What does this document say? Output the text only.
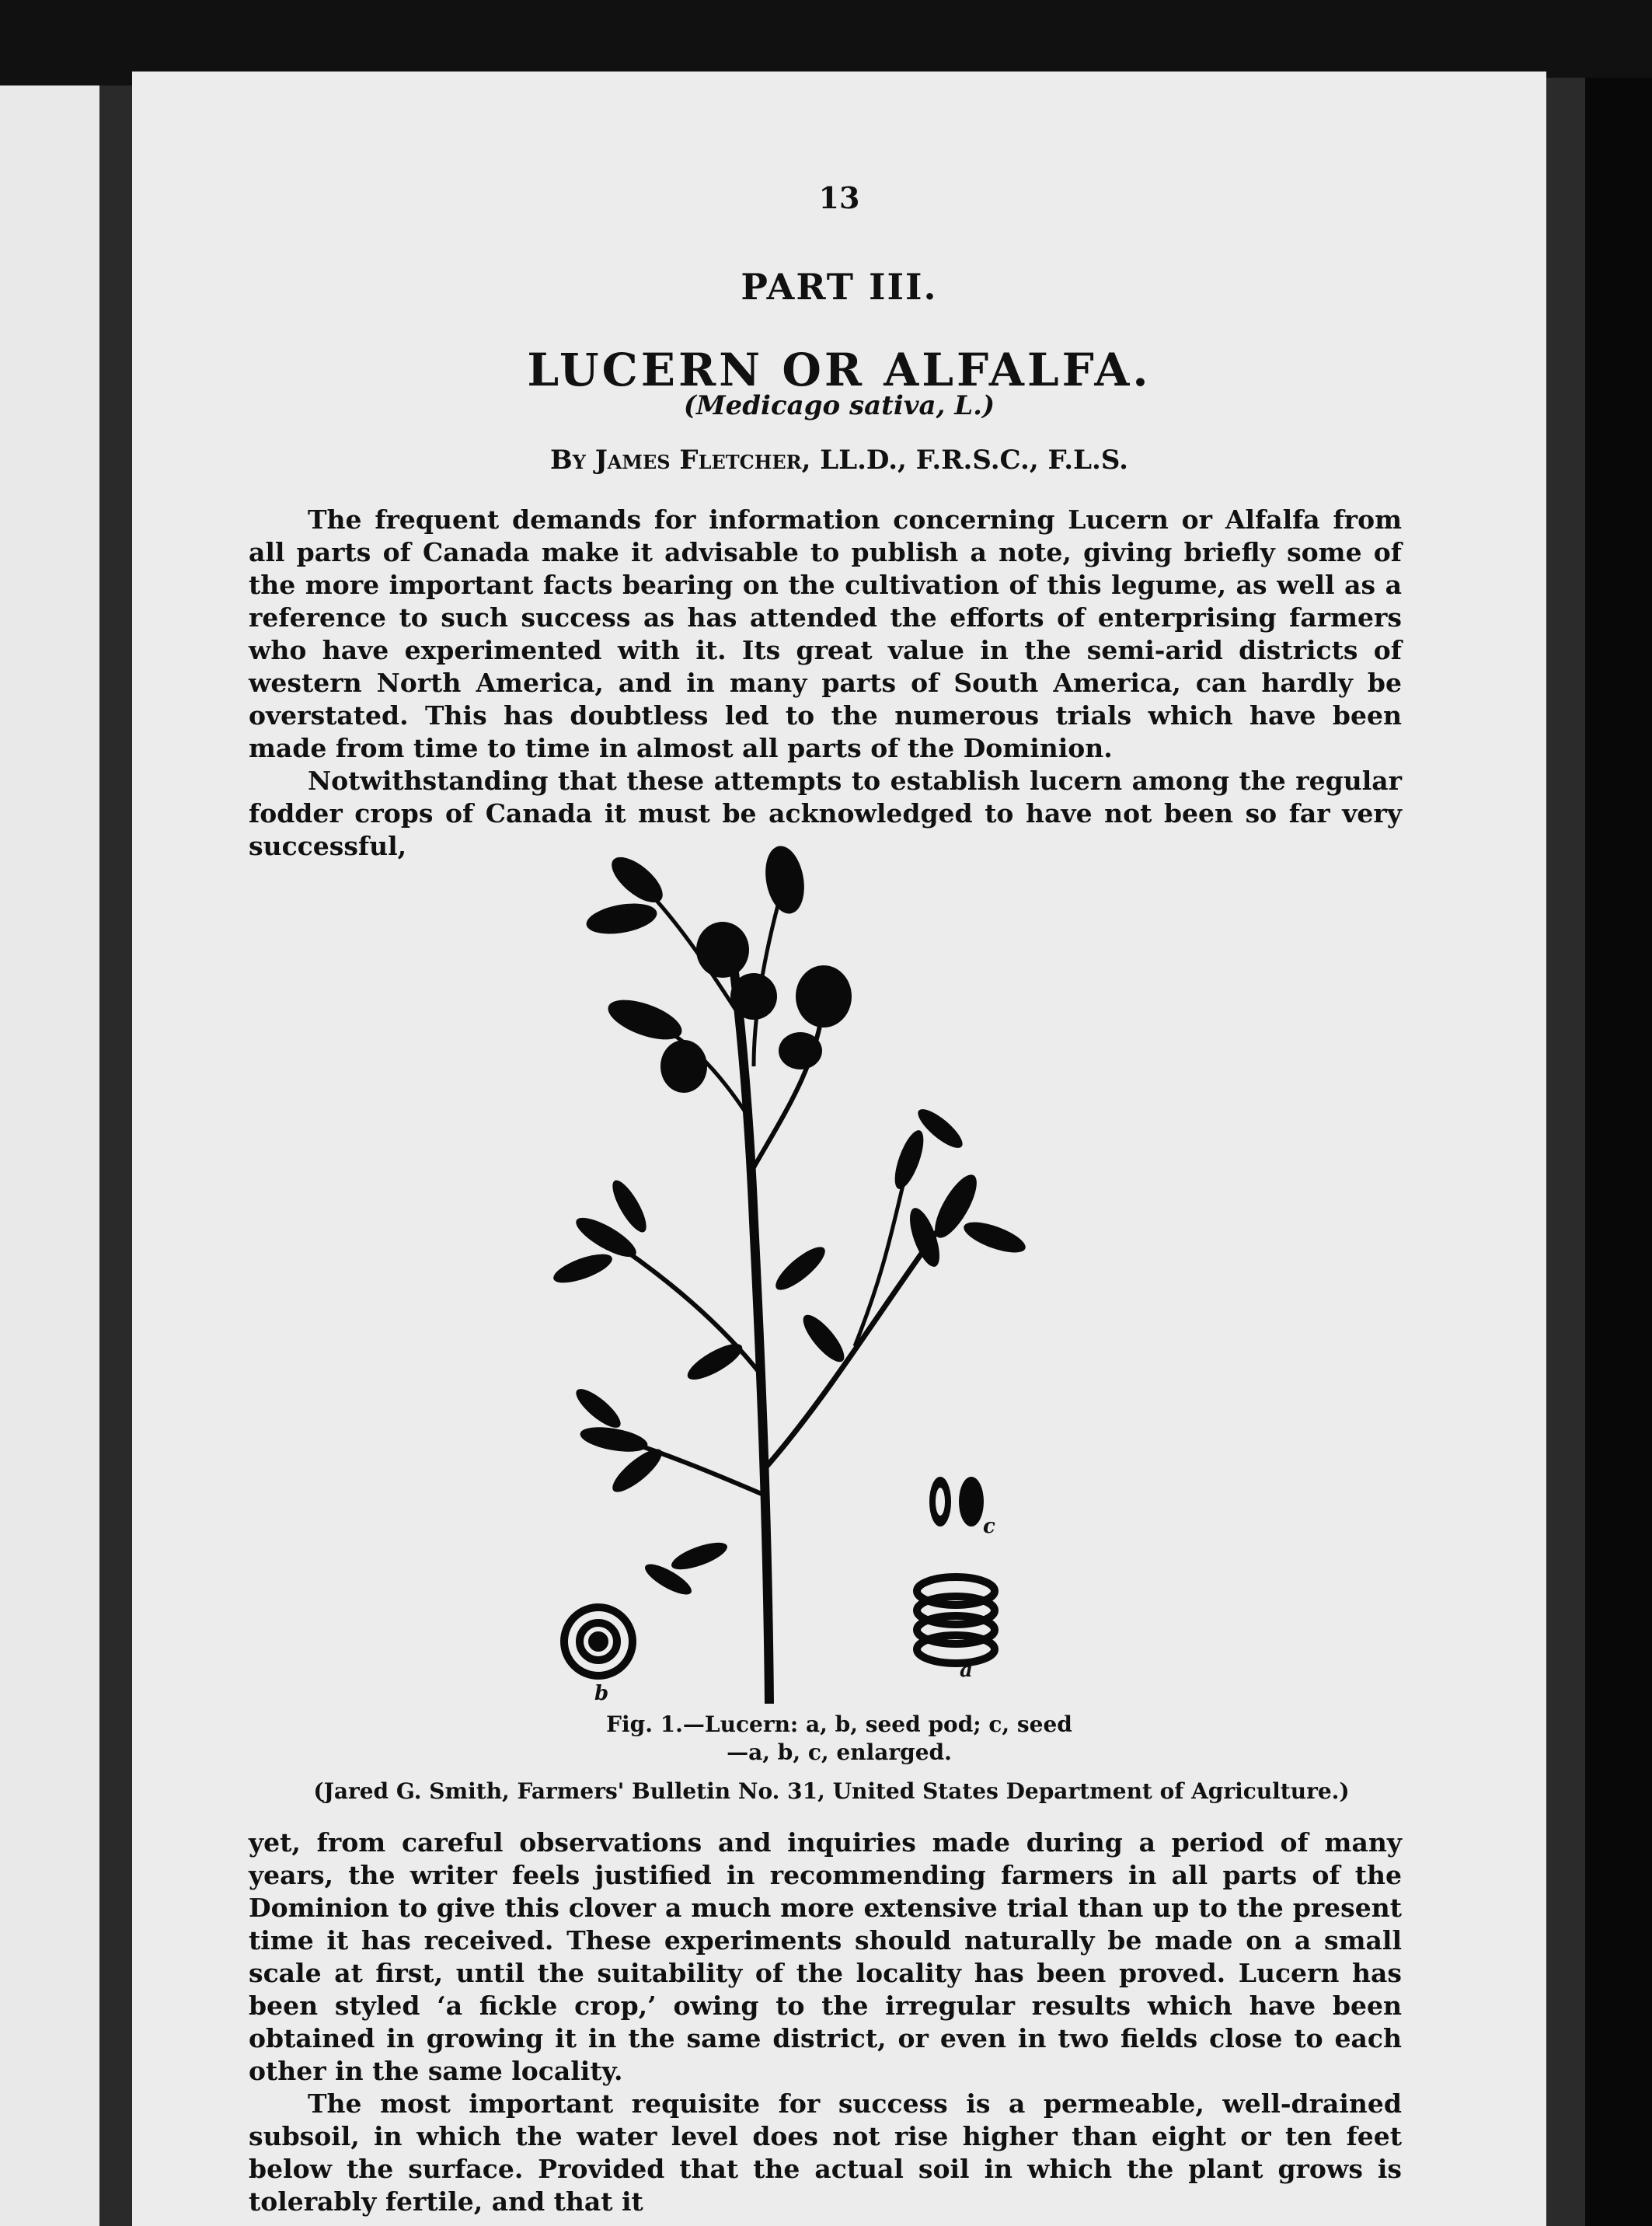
13
PART III.
LUCERN OR ALFALFA.
(Medicago sativa, L.)
By James Fletcher, LL.D., F.R.S.C., F.L.S.

The frequent demands for information concerning Lucern or Alfalfa from all parts of Canada make it advisable to publish a note, giving briefly some of the more important facts bearing on the cultivation of this legume, as well as a reference to such success as has attended the efforts of enterprising farmers who have experimented with it. Its great value in the semi-arid districts of western North America, and in many parts of South America, can hardly be overstated. This has doubtless led to the numerous trials which have been made from time to time in almost all parts of the Dominion.

Notwithstanding that these attempts to establish lucern among the regular fodder crops of Canada it must be acknowledged to have not been so far very successful,

b
a
c
Fig. 1.—Lucern: a, b, seed pod; c, seed
—a, b, c, enlarged.
(Jared G. Smith, Farmers' Bulletin No. 31, United States Department of Agriculture.)

yet, from careful observations and inquiries made during a period of many years, the writer feels justified in recommending farmers in all parts of the Dominion to give this clover a much more extensive trial than up to the present time it has received. These experiments should naturally be made on a small scale at first, until the suitability of the locality has been proved. Lucern has been styled ‘a fickle crop,’ owing to the irregular results which have been obtained in growing it in the same district, or even in two fields close to each other in the same locality.

The most important requisite for success is a permeable, well-drained subsoil, in which the water level does not rise higher than eight or ten feet below the surface. Provided that the actual soil in which the plant grows is tolerably fertile, and that it
